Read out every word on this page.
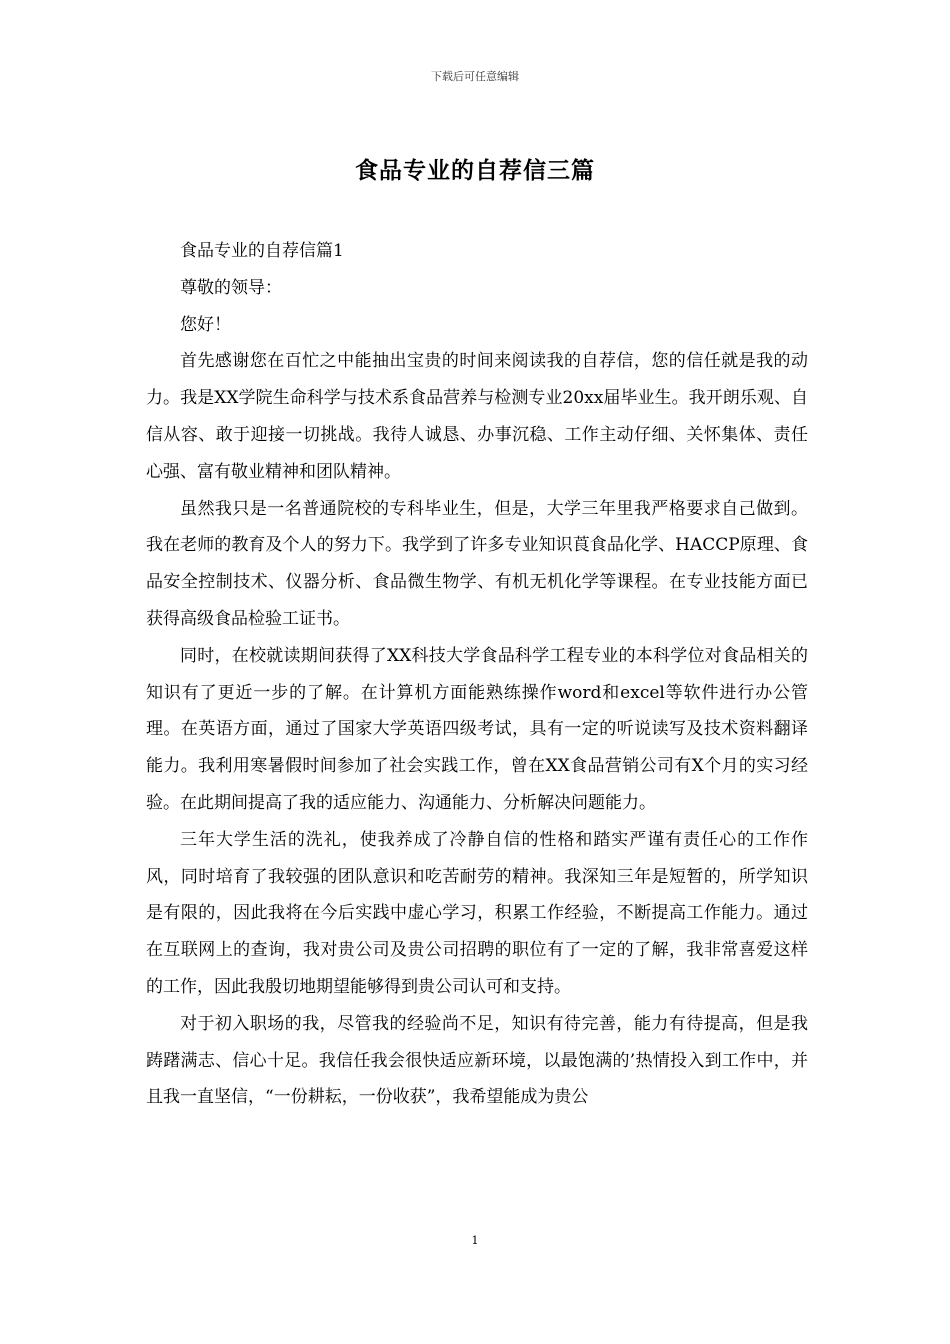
下载后可任意编辑
食品专业的自荐信三篇

食品专业的自荐信篇1

尊敬的领导：

您好！

首先感谢您在百忙之中能抽出宝贵的时间来阅读我的自荐信，您的信任就是我的动力。我是XX学院生命科学与技术系食品营养与检测专业20xx届毕业生。我开朗乐观、自信从容、敢于迎接一切挑战。我待人诚恳、办事沉稳、工作主动仔细、关怀集体、责任心强、富有敬业精神和团队精神。

虽然我只是一名普通院校的专科毕业生，但是，大学三年里我严格要求自己做到。我在老师的教育及个人的努力下。我学到了许多专业知识莨食品化学、HACCP原理、食品安全控制技术、仪器分析、食品微生物学、有机无机化学等课程。在专业技能方面已获得高级食品检验工证书。

同时，在校就读期间获得了XX科技大学食品科学工程专业的本科学位对食品相关的知识有了更近一步的了解。在计算机方面能熟练操作word和excel等软件进行办公管理。在英语方面，通过了国家大学英语四级考试，具有一定的听说读写及技术资料翻译能力。我利用寒暑假时间参加了社会实践工作，曾在XX食品营销公司有X个月的实习经验。在此期间提高了我的适应能力、沟通能力、分析解决问题能力。

三年大学生活的洗礼，使我养成了冷静自信的性格和踏实严谨有责任心的工作作风，同时培育了我较强的团队意识和吃苦耐劳的精神。我深知三年是短暂的，所学知识是有限的，因此我将在今后实践中虚心学习，积累工作经验，不断提高工作能力。通过在互联网上的查询，我对贵公司及贵公司招聘的职位有了一定的了解，我非常喜爱这样的工作，因此我殷切地期望能够得到贵公司认可和支持。

对于初入职场的我，尽管我的经验尚不足，知识有待完善，能力有待提高，但是我踌躇满志、信心十足。我信任我会很快适应新环境，以最饱满的’热情投入到工作中，并且我一直坚信，“一份耕耘，一份收获”，我希望能成为贵公

1
